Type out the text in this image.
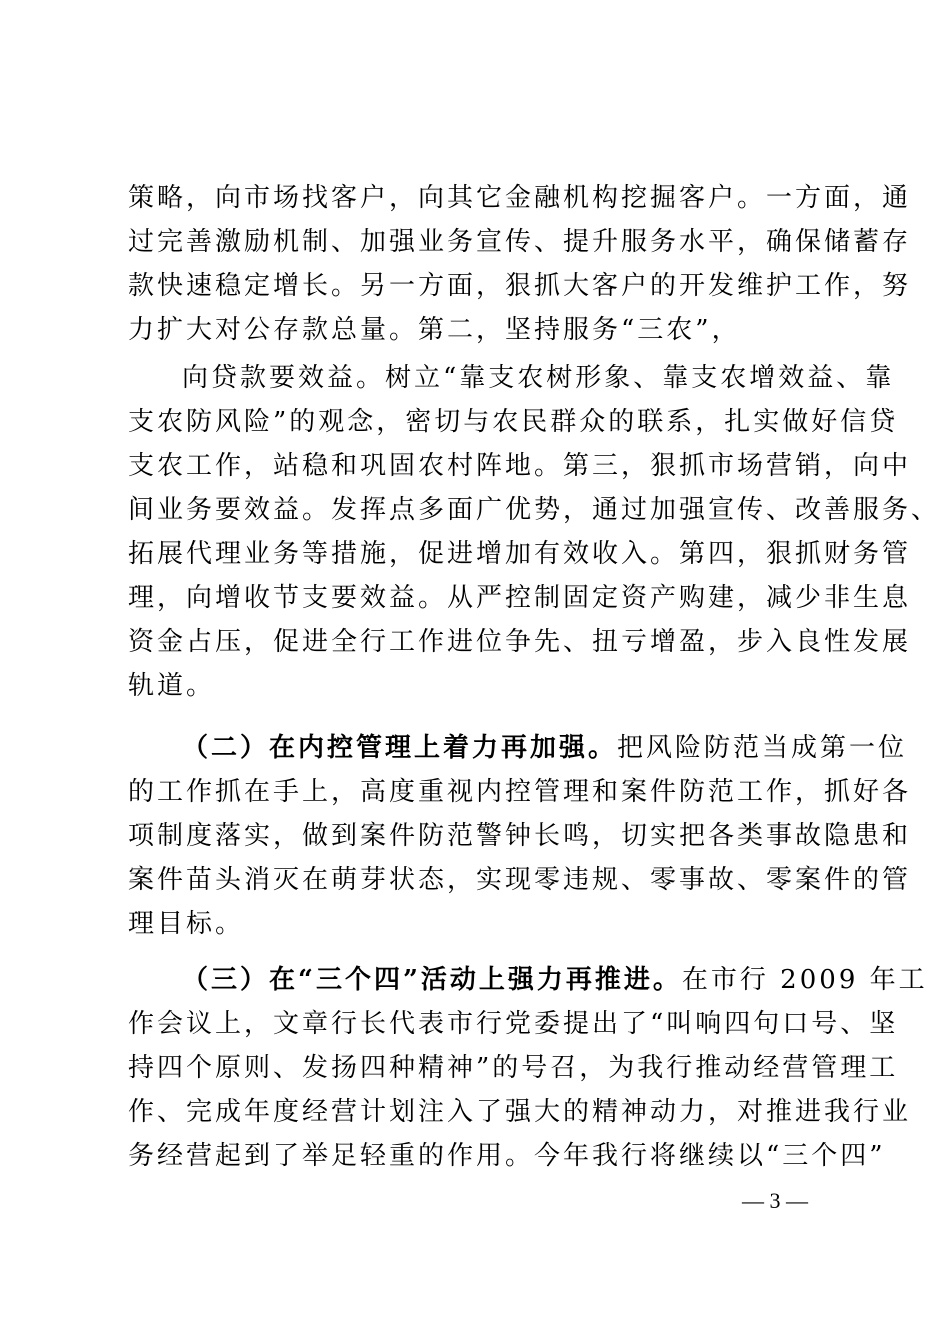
策略，向市场找客户，向其它金融机构挖掘客户。一方面，通
过完善激励机制、加强业务宣传、提升服务水平，确保储蓄存
款快速稳定增长。另一方面，狠抓大客户的开发维护工作，努
力扩大对公存款总量。第二，坚持服务“三农”，
向贷款要效益。树立“靠支农树形象、靠支农增效益、靠
支农防风险”的观念，密切与农民群众的联系，扎实做好信贷
支农工作，站稳和巩固农村阵地。第三，狠抓市场营销，向中
间业务要效益。发挥点多面广优势，通过加强宣传、改善服务、
拓展代理业务等措施，促进增加有效收入。第四，狠抓财务管
理，向增收节支要效益。从严控制固定资产购建，减少非生息
资金占压，促进全行工作进位争先、扭亏增盈，步入良性发展
轨道。
（二）在内控管理上着力再加强。把风险防范当成第一位
的工作抓在手上，高度重视内控管理和案件防范工作，抓好各
项制度落实，做到案件防范警钟长鸣，切实把各类事故隐患和
案件苗头消灭在萌芽状态，实现零违规、零事故、零案件的管
理目标。
（三）在“三个四”活动上强力再推进。在市行 2009 年工
作会议上，文章行长代表市行党委提出了“叫响四句口号、坚
持四个原则、发扬四种精神”的号召，为我行推动经营管理工
作、完成年度经营计划注入了强大的精神动力，对推进我行业
务经营起到了举足轻重的作用。今年我行将继续以“三个四”
— 3 —
